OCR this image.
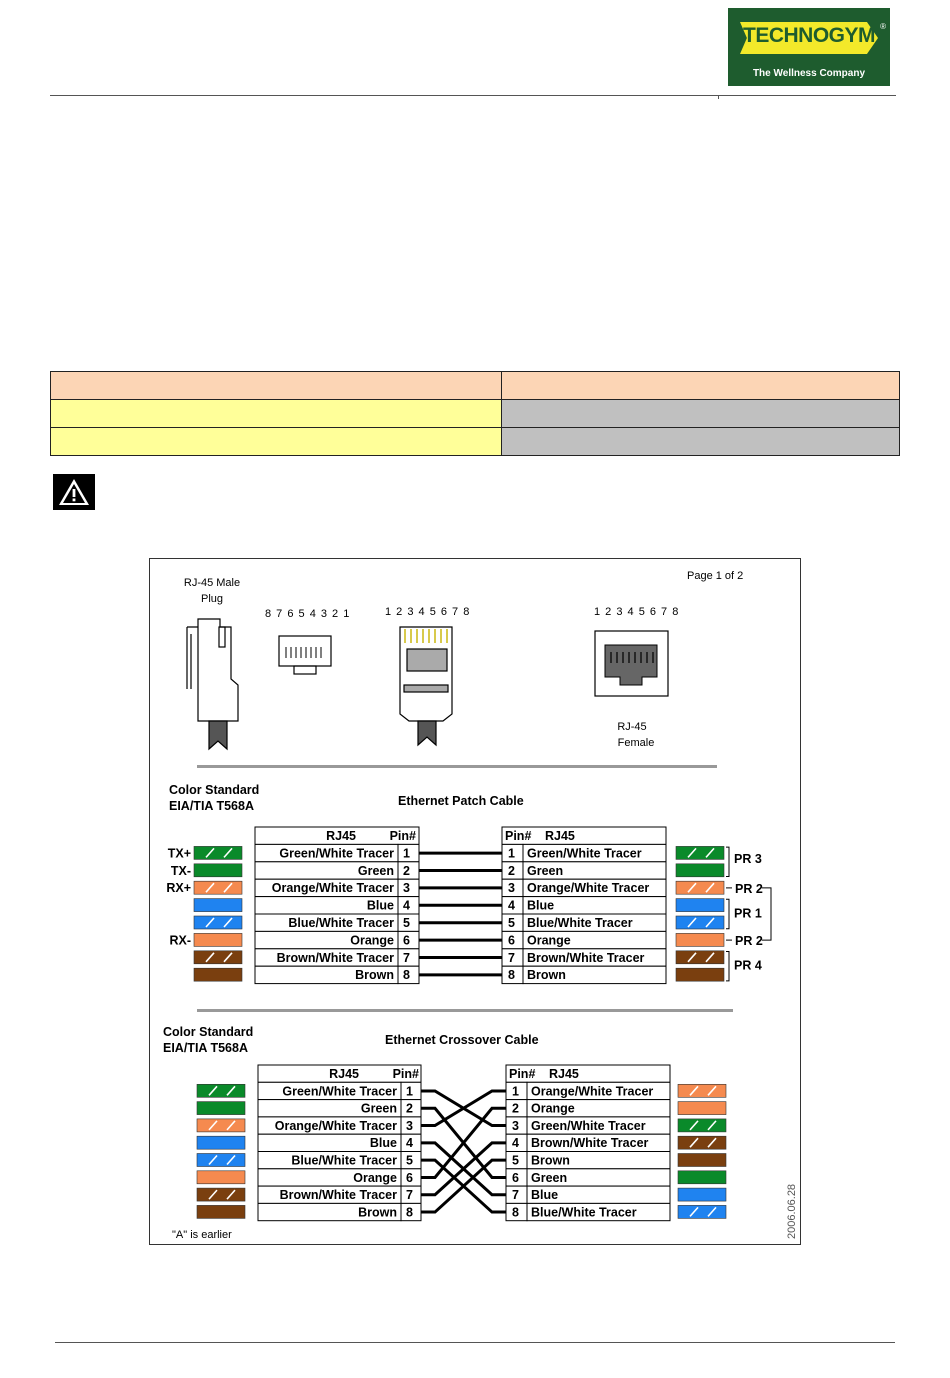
TECHNOGYM ®
The Wellness Company
Page 1 of 2
RJ-45 Male
Plug
8 7 6 5 4 3 2 1	1 2 3 4 5 6 7 8	1 2 3 4 5 6 7 8
RJ-45
Female
Color Standard
EIA/TIA T568A	Ethernet Patch Cable
RJ45	Pin#	Pin# RJ45
Green/White Tracer 1	1 Green/White Tracer
Green 2	2 Green
Orange/White Tracer 3	3 Orange/White Tracer
Blue 4	4 Blue
Blue/White Tracer 5	5 Blue/White Tracer
Orange 6	6 Orange
Brown/White Tracer 7	7 Brown/White Tracer
Brown 8	8 Brown
TX+
TX-
RX+
RX-
PR 3
PR 2
PR 1
PR 2
PR 4
Color Standard
EIA/TIA T568A
Ethernet Crossover Cable
RJ45	Pin#	Pin# RJ45
Green/White Tracer 1	1 Orange/White Tracer
Green 2	2 Orange
Orange/White Tracer 3	3 Green/White Tracer
Blue 4	4 Brown/White Tracer
Blue/White Tracer 5	5 Brown
Orange 6	6 Green
Brown/White Tracer 7	7 Blue
Brown 8	8 Blue/White Tracer
"A" is earlier	2006.06.28
